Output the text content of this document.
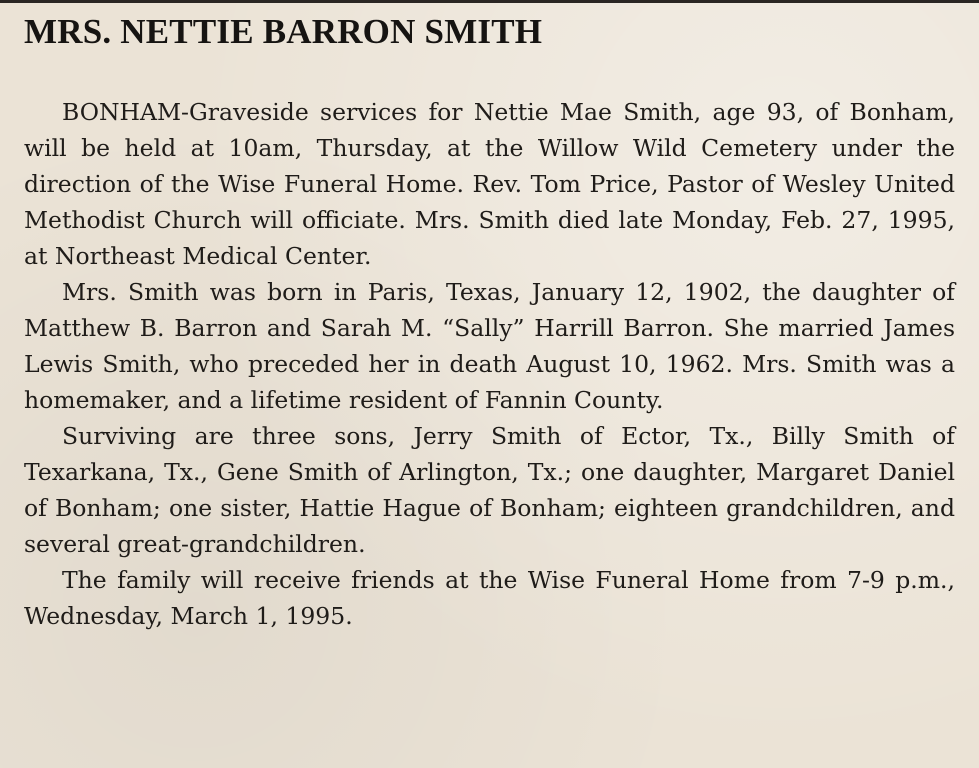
MRS. NETTIE BARRON SMITH

BONHAM-Graveside services for Nettie Mae Smith, age 93, of Bonham, will be held at 10am, Thursday, at the Willow Wild Cemetery under the direction of the Wise Funeral Home. Rev. Tom Price, Pastor of Wesley United Methodist Church will officiate. Mrs. Smith died late Monday, Feb. 27, 1995, at Northeast Medical Center.

Mrs. Smith was born in Paris, Texas, January 12, 1902, the daughter of Matthew B. Barron and Sarah M. “Sally” Harrill Barron. She married James Lewis Smith, who preceded her in death August 10, 1962. Mrs. Smith was a homemaker, and a lifetime resident of Fannin County.

Surviving are three sons, Jerry Smith of Ector, Tx., Billy Smith of Texarkana, Tx., Gene Smith of Arlington, Tx.; one daughter, Margaret Daniel of Bonham; one sister, Hattie Hague of Bonham; eighteen grandchildren, and several great-grandchildren.

The family will receive friends at the Wise Funeral Home from 7-9 p.m., Wednesday, March 1, 1995.
